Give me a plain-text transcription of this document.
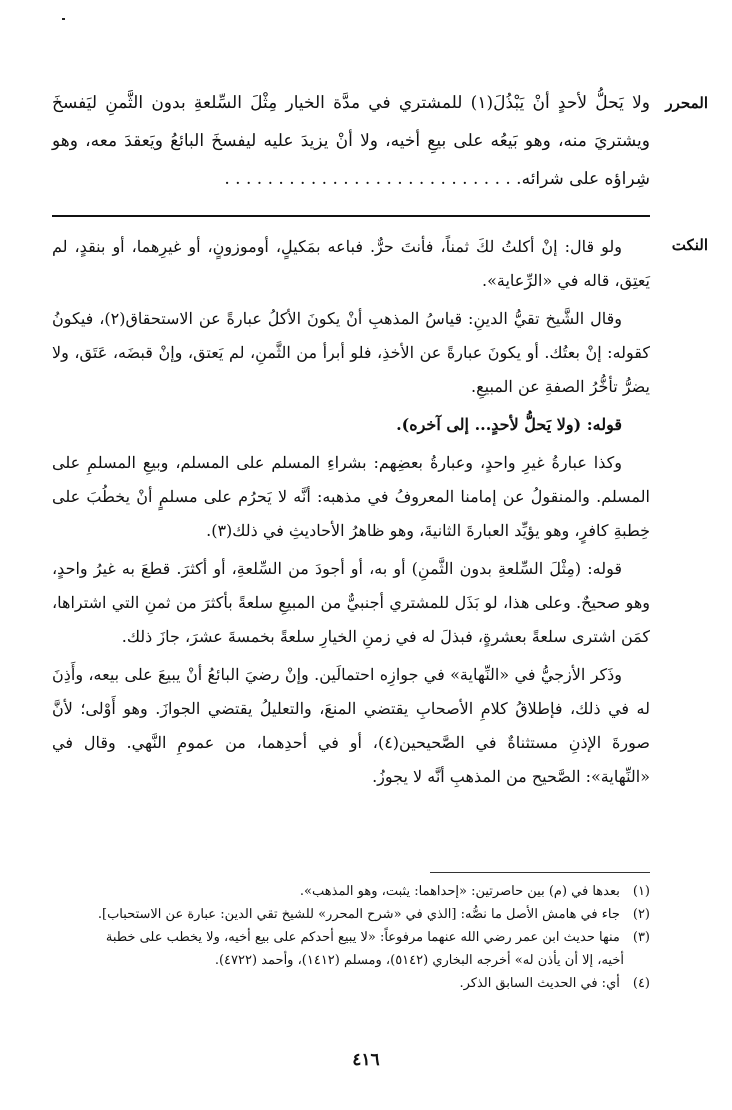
المحرر
ولا يَحلُّ لأحدٍ أنْ يَبْذُلَ(١) للمشتري في مدَّة الخيار مِثْلَ السِّلعةِ بدون الثَّمنِ ليَفسخَ ويشتريَ منه، وهو بَيعُه على بيعِ أخيه، ولا أنْ يزيدَ عليه ليفسخَ البائعُ ويَعقدَ معه، وهو شِراؤه على شرائه. . . . . . . . . . . . . . . . . . . . . . . . . . . .
النكت

ولو قال: إنْ أكلتُ لكَ ثمناً، فأنتَ حرٌّ. فباعه بمَكيلٍ، أوموزونٍ، أو غيرِهما، أو بنقدٍ، لم يَعتِق، قاله في «الرِّعاية».

وقال الشَّيخ تقيُّ الدينِ: قياسُ المذهبِ أنْ يكونَ الأكلُ عبارةً عن الاستحقاق(٢)، فيكونُ كقوله: إنْ بعتُك. أو يكونَ عبارةً عن الأخذِ، فلو أبرأ من الثَّمنِ، لم يَعتق، وإنْ قبضَه، عَتَق، ولا يضرُّ تأخُّرُ الصفةِ عن المبيعِ.

قوله: (ولا يَحلُّ لأحدٍ... إلى آخره).

وكذا عبارةُ غيرِ واحدٍ، وعبارةُ بعضِهم: بشراءِ المسلم على المسلم، وبيعِ المسلمِ على المسلم. والمنقولُ عن إمامنا المعروفُ في مذهبه: أنَّه لا يَحرُم على مسلمٍ أنْ يخطُبَ على خِطبةِ كافرٍ، وهو يؤيِّد العبارةَ الثانيةَ، وهو ظاهرُ الأحاديثِ في ذلك(٣).

قوله: (مِثْلَ السِّلعةِ بدون الثَّمنِ) أو به، أو أجودَ من السِّلعةِ، أو أكثرَ. قطعَ به غيرُ واحدٍ، وهو صحيحٌ. وعلى هذا، لو بَذَل للمشتري أجنبيٌّ من المبيعِ سلعةً بأكثرَ من ثمنِ التي اشتراها، كمَن اشترى سلعةً بعشرةٍ، فبذلَ له في زمنِ الخيارِ سلعةً بخمسةَ عشرَ، جازَ ذلك.

وذَكر الأزجيُّ في «النِّهاية» في جوازِه احتمالَين. وإنْ رضيَ البائعُ أنْ يبيعَ على بيعه، وأَذِنَ له في ذلك، فإطلاقُ كلامِ الأصحابِ يقتضي المنعَ، والتعليلُ يقتضي الجوازَ. وهو أَوْلى؛ لأنَّ صورةَ الإذنِ مستثناةٌ في الصَّحيحين(٤)، أو في أحدِهما، من عمومِ النَّهي. وقال في «النِّهاية»: الصَّحيح من المذهبِ أنَّه لا يجوزُ.

(١) بعدها في (م) بين حاصرتين: «إحداهما: يثبت، وهو المذهب».
(٢) جاء في هامش الأصل ما نصُّه: [الذي في «شرح المحرر» للشيخ تقي الدين: عبارة عن الاستحباب].
(٣) منها حديث ابن عمر رضي الله عنهما مرفوعاً: «لا يبيع أحدكم على بيع أخيه، ولا يخطب على خطبة
أخيه، إلا أن يأذن له» أخرجه البخاري (٥١٤٢)، ومسلم (١٤١٢)، وأحمد (٤٧٢٢).
(٤) أي: في الحديث السابق الذكر.
٤١٦
